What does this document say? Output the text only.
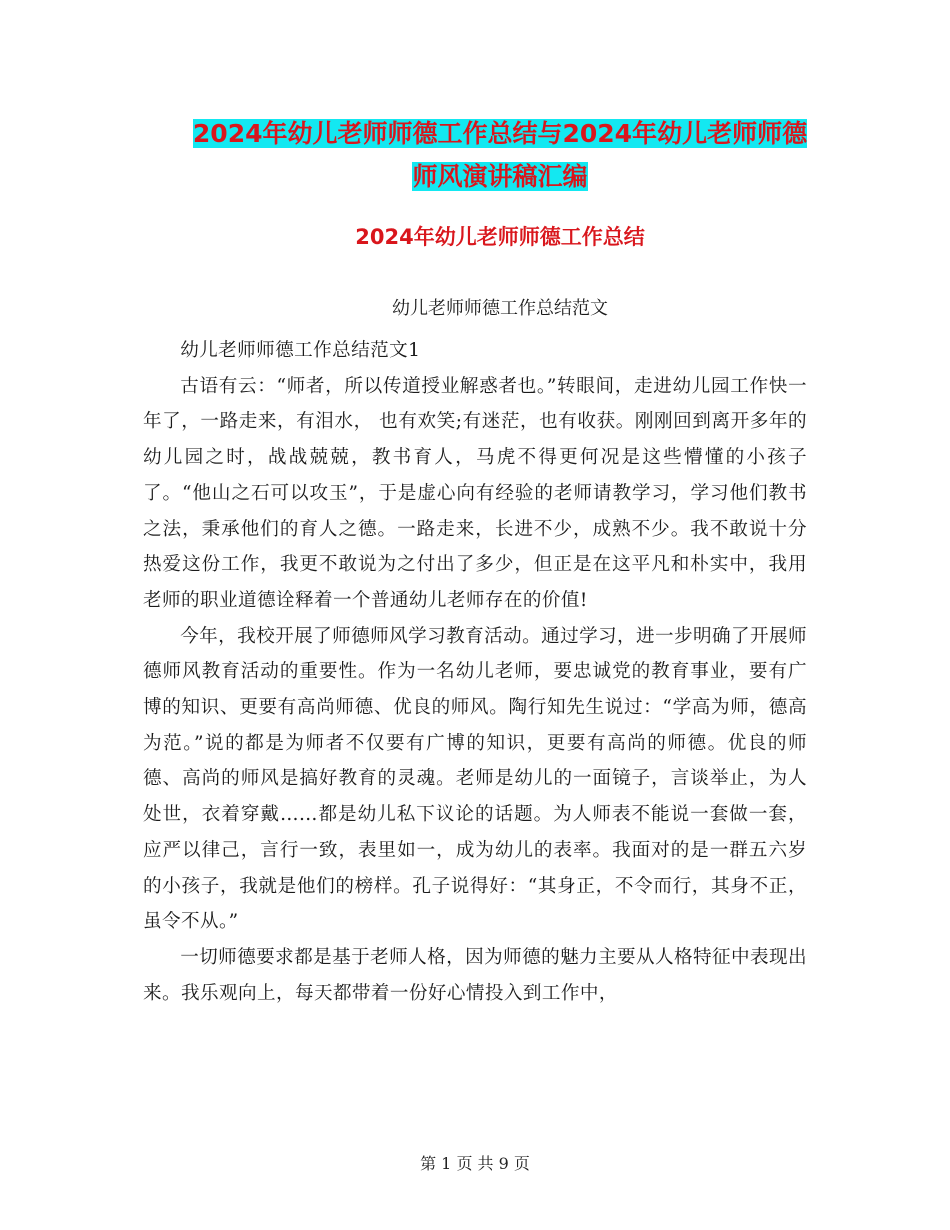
2024年幼儿老师师德工作总结与2024年幼儿老师师德
师风演讲稿汇编
2024年幼儿老师师德工作总结
幼儿老师师德工作总结范文

幼儿老师师德工作总结范文1

古语有云：“师者，所以传道授业解惑者也。”转眼间，走进幼儿园工作快一年了，一路走来，有泪水， 也有欢笑;有迷茫，也有收获。刚刚回到离开多年的幼儿园之时，战战兢兢，教书育人，马虎不得更何况是这些懵懂的小孩子了。“他山之石可以攻玉”，于是虚心向有经验的老师请教学习，学习他们教书之法，秉承他们的育人之德。一路走来，长进不少，成熟不少。我不敢说十分热爱这份工作，我更不敢说为之付出了多少，但正是在这平凡和朴实中，我用老师的职业道德诠释着一个普通幼儿老师存在的价值!

今年，我校开展了师德师风学习教育活动。通过学习，进一步明确了开展师德师风教育活动的重要性。作为一名幼儿老师，要忠诚党的教育事业，要有广博的知识、更要有高尚师德、优良的师风。陶行知先生说过：“学高为师，德高为范。”说的都是为师者不仅要有广博的知识，更要有高尚的师德。优良的师德、高尚的师风是搞好教育的灵魂。老师是幼儿的一面镜子，言谈举止，为人处世，衣着穿戴……都是幼儿私下议论的话题。为人师表不能说一套做一套，应严以律己，言行一致，表里如一，成为幼儿的表率。我面对的是一群五六岁的小孩子，我就是他们的榜样。孔子说得好：“其身正，不令而行，其身不正，虽令不从。”

一切师德要求都是基于老师人格，因为师德的魅力主要从人格特征中表现出来。我乐观向上，每天都带着一份好心情投入到工作中，

第 1 页 共 9 页
